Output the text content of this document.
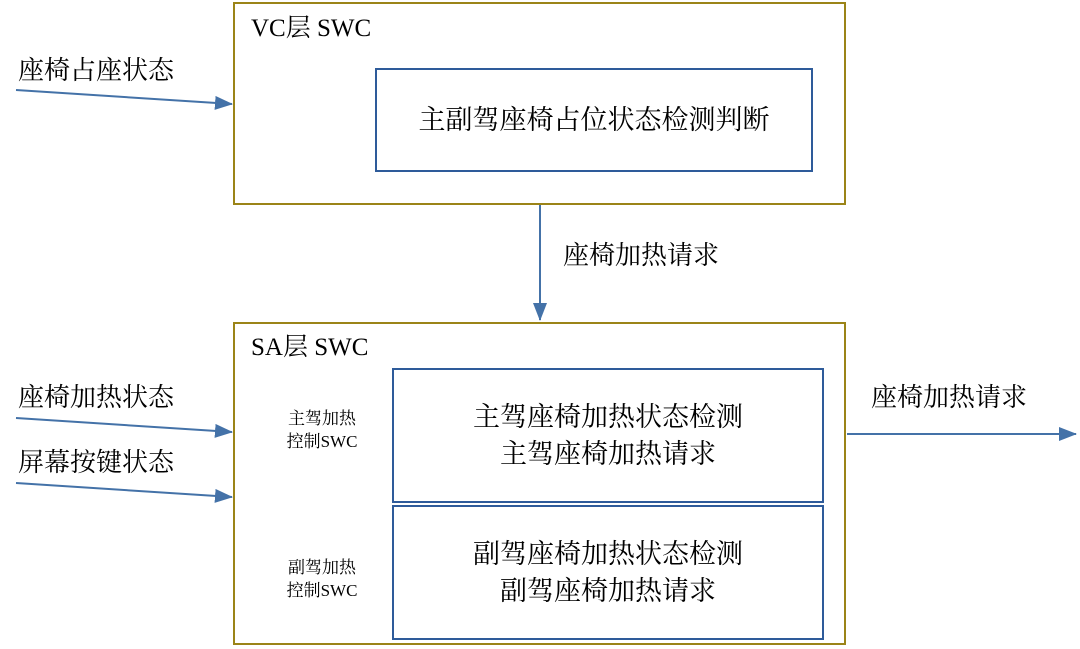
VC层 SWC
主副驾座椅占位状态检测判断
SA层 SWC
主驾加热
控制SWC
主驾座椅加热状态检测
主驾座椅加热请求
副驾加热
控制SWC
副驾座椅加热状态检测
副驾座椅加热请求
座椅占座状态
座椅加热状态
屏幕按键状态
座椅加热请求
座椅加热请求
